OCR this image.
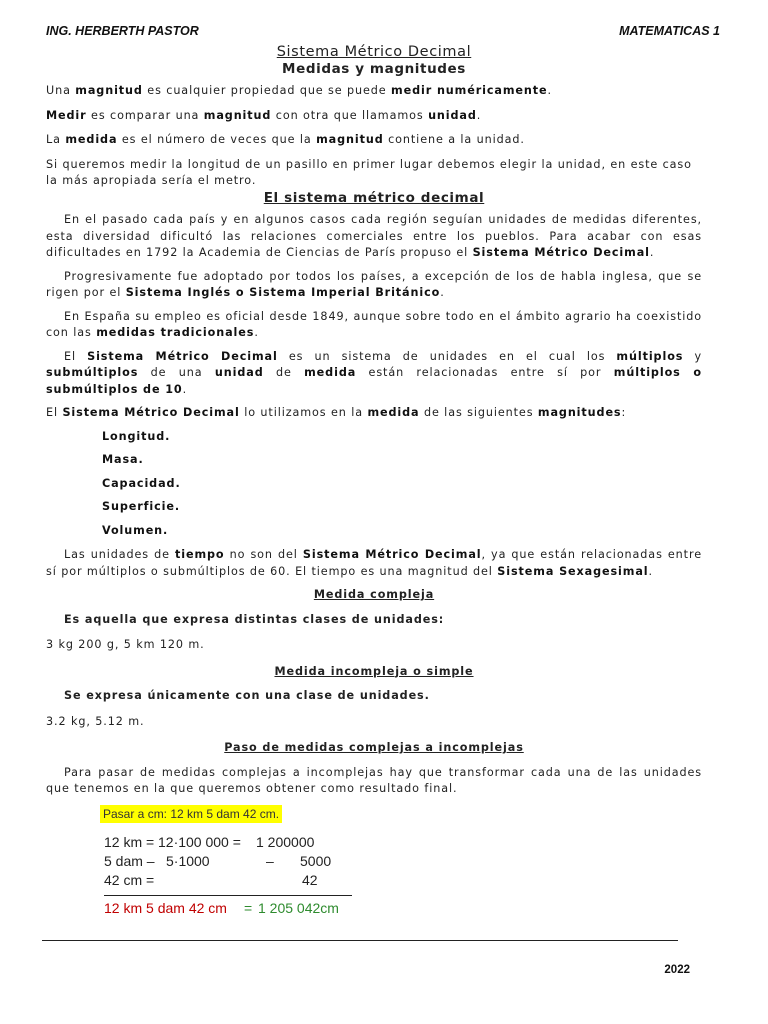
ING. HERBERTH PASTOR	MATEMATICAS 1

Sistema Métrico Decimal

Medidas y magnitudes

Una magnitud es cualquier propiedad que se puede medir numéricamente.

Medir es comparar una magnitud con otra que llamamos unidad.

La medida es el número de veces que la magnitud contiene a la unidad.

Si queremos medir la longitud de un pasillo en primer lugar debemos elegir la unidad, en este caso la más apropiada sería el metro.

El sistema métrico decimal

En el pasado cada país y en algunos casos cada región seguían unidades de medidas diferentes, esta diversidad dificultó las relaciones comerciales entre los pueblos. Para acabar con esas dificultades en 1792 la Academia de Ciencias de París propuso el Sistema Métrico Decimal.

Progresivamente fue adoptado por todos los países, a excepción de los de habla inglesa, que se rigen por el Sistema Inglés o Sistema Imperial Británico.

En España su empleo es oficial desde 1849, aunque sobre todo en el ámbito agrario ha coexistido con las medidas tradicionales.

El Sistema Métrico Decimal es un sistema de unidades en el cual los múltiplos y submúltiplos de una unidad de medida están relacionadas entre sí por múltiplos o submúltiplos de 10.

El Sistema Métrico Decimal lo utilizamos en la medida de las siguientes magnitudes:

Longitud.
Masa.
Capacidad.
Superficie.
Volumen.

Las unidades de tiempo no son del Sistema Métrico Decimal, ya que están relacionadas entre sí por múltiplos o submúltiplos de 60. El tiempo es una magnitud del Sistema Sexagesimal.

Medida compleja

Es aquella que expresa distintas clases de unidades:

3 kg 200 g, 5 km 120 m.

Medida incompleja o simple

Se expresa únicamente con una clase de unidades.

3.2 kg, 5.12 m.

Paso de medidas complejas a incomplejas

Para pasar de medidas complejas a incomplejas hay que transformar cada una de las unidades que tenemos en la que queremos obtener como resultado final.

Pasar a cm: 12 km 5 dam 42 cm.
12 km = 12·100 000 = 1 200000
5 dam – 5·1000	– 5000
42 cm =	42
12 km 5 dam 42 cm = 1 205 042cm
2022
